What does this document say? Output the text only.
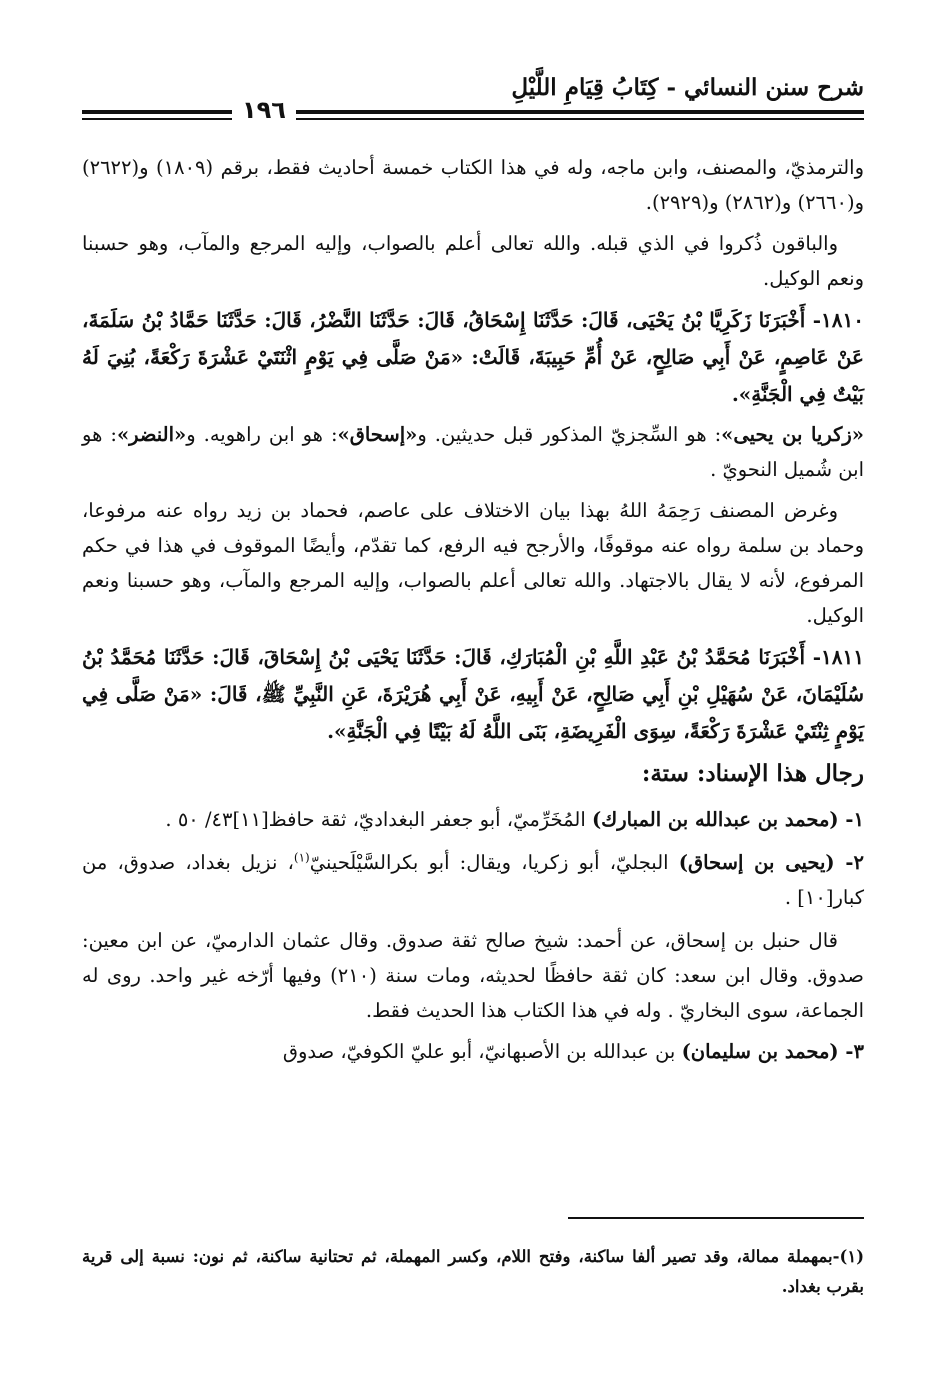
شرح سنن النسائي - كِتَابُ قِيَامِ اللَّيْلِ
١٩٦

والترمذيّ، والمصنف، وابن ماجه، وله في هذا الكتاب خمسة أحاديث فقط، برقم (١٨٠٩) و(٢٦٢٢) و(٢٦٦٠) و(٢٨٦٢) و(٢٩٢٩).

والباقون ذُكروا في الذي قبله. والله تعالى أعلم بالصواب، وإليه المرجع والمآب، وهو حسبنا ونعم الوكيل.

١٨١٠- أَخْبَرَنَا زَكَرِيَّا بْنُ يَحْيَى، قَالَ: حَدَّثَنَا إِسْحَاقُ، قَالَ: حَدَّثَنَا النَّضْرُ، قَالَ: حَدَّثَنَا حَمَّادُ بْنُ سَلَمَةَ، عَنْ عَاصِمٍ، عَنْ أَبِي صَالِحٍ، عَنْ أُمِّ حَبِيبَةَ، قَالَتْ: «مَنْ صَلَّى فِي يَوْمٍ اثْنَتَيْ عَشْرَةَ رَكْعَةً، بُنِيَ لَهُ بَيْتٌ فِي الْجَنَّةِ».

«زكريا بن يحيى»: هو السِّجزيّ المذكور قبل حديثين. و«إسحاق»: هو ابن راهويه. و«النضر»: هو ابن شُميل النحويّ .

وغرض المصنف رَحِمَهُ اللهُ بهذا بيان الاختلاف على عاصم، فحماد بن زيد رواه عنه مرفوعا، وحماد بن سلمة رواه عنه موقوفًا، والأرجح فيه الرفع، كما تقدّم، وأيضًا الموقوف في هذا في حكم المرفوع، لأنه لا يقال بالاجتهاد. والله تعالى أعلم بالصواب، وإليه المرجع والمآب، وهو حسبنا ونعم الوكيل.

١٨١١- أَخْبَرَنَا مُحَمَّدُ بْنُ عَبْدِ اللَّهِ بْنِ الْمُبَارَكِ، قَالَ: حَدَّثَنَا يَحْيَى بْنُ إِسْحَاقَ، قَالَ: حَدَّثَنَا مُحَمَّدُ بْنُ سُلَيْمَانَ، عَنْ سُهَيْلِ بْنِ أَبِي صَالِحٍ، عَنْ أَبِيهِ، عَنْ أَبِي هُرَيْرَةَ، عَنِ النَّبِيِّ ﷺ، قَالَ: «مَنْ صَلَّى فِي يَوْمٍ ثِنْتَيْ عَشْرَةَ رَكْعَةً، سِوَى الْفَرِيضَةِ، بَنَى اللَّهُ لَهُ بَيْتًا فِي الْجَنَّةِ».

رجال هذا الإسناد: ستة:

١- (محمد بن عبدالله بن المبارك) المُخَرِّميّ، أبو جعفر البغداديّ، ثقة حافظ[١١]٤٣/ ٥٠ .

٢- (يحيى بن إسحاق) البجليّ، أبو زكريا، ويقال: أبو بكرالسَّيْلَحينيّ$^{(١)}$، نزيل بغداد، صدوق، من كبار[١٠] .

قال حنبل بن إسحاق، عن أحمد: شيخ صالح ثقة صدوق. وقال عثمان الدارميّ، عن ابن معين: صدوق. وقال ابن سعد: كان ثقة حافظًا لحديثه، ومات سنة (٢١٠) وفيها أرّخه غير واحد. روى له الجماعة، سوى البخاريّ . وله في هذا الكتاب هذا الحديث فقط.

٣- (محمد بن سليمان) بن عبدالله بن الأصبهانيّ، أبو عليّ الكوفيّ، صدوق

(١)-بمهملة ممالة، وقد تصير ألفا ساكنة، وفتح اللام، وكسر المهملة، ثم تحتانية ساكنة، ثم نون: نسبة إلى قرية بقرب بغداد.
